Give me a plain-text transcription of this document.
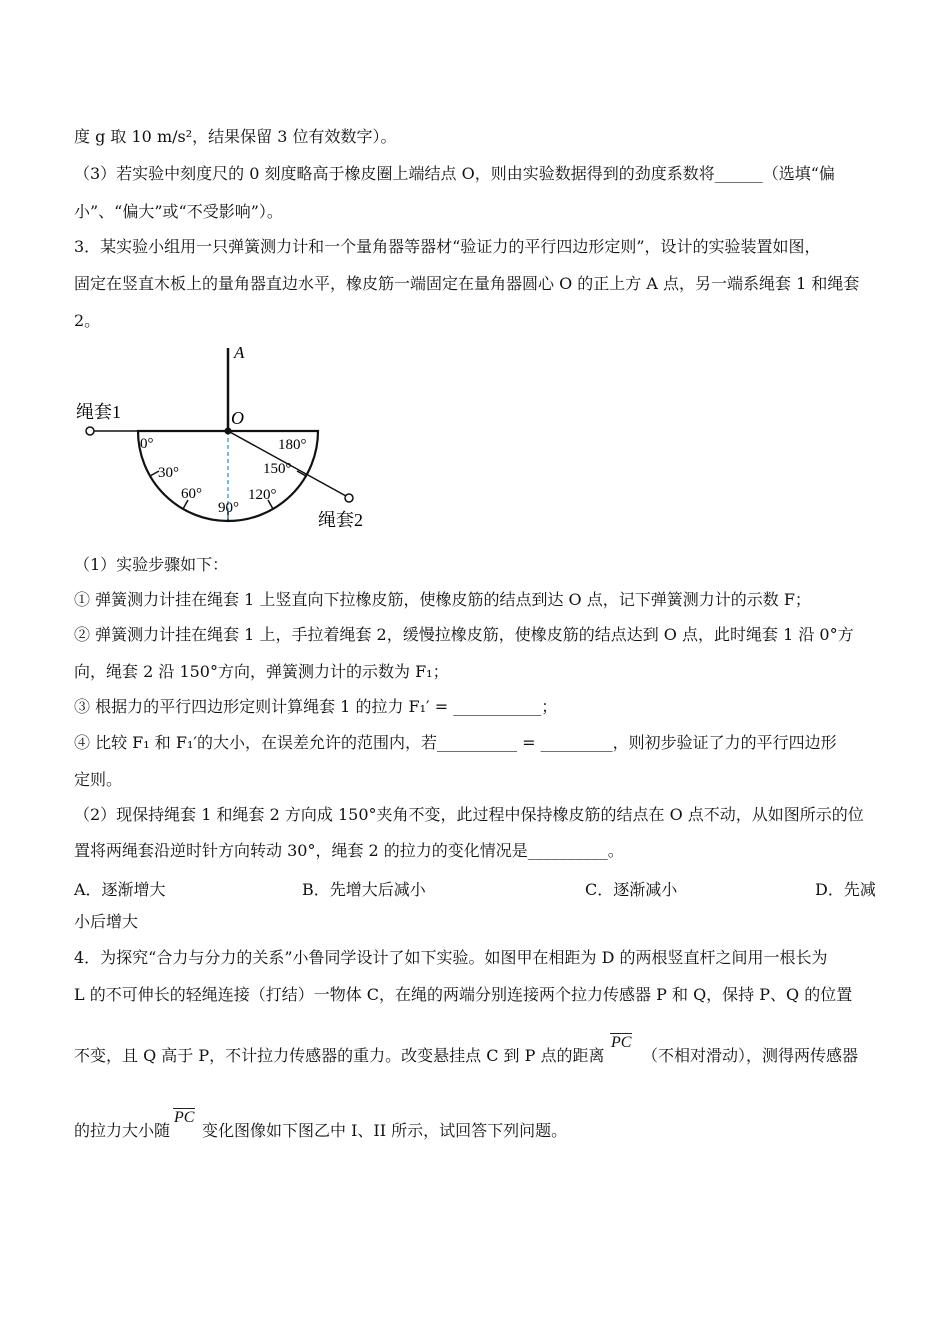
度 g 取 10 m/s²，结果保留 3 位有效数字）。
（3）若实验中刻度尺的 0 刻度略高于橡皮圈上端结点 O，则由实验数据得到的劲度系数将______（选填“偏
小”、“偏大”或“不受影响”）。
3．某实验小组用一只弹簧测力计和一个量角器等器材“验证力的平行四边形定则”，设计的实验装置如图，
固定在竖直木板上的量角器直边水平，橡皮筋一端固定在量角器圆心 O 的正上方 A 点，另一端系绳套 1 和绳套
2。
A
O
绳套1
绳套2
0°
30°
60°
90°
120°
150°
180°
（1）实验步骤如下：
① 弹簧测力计挂在绳套 1 上竖直向下拉橡皮筋，使橡皮筋的结点到达 O 点，记下弹簧测力计的示数 F；
② 弹簧测力计挂在绳套 1 上，手拉着绳套 2，缓慢拉橡皮筋，使橡皮筋的结点达到 O 点，此时绳套 1 沿 0°方
向，绳套 2 沿 150°方向，弹簧测力计的示数为 F₁；
③ 根据力的平行四边形定则计算绳套 1 的拉力 F₁′ = ___________；
④ 比较 F₁ 和 F₁′的大小，在误差允许的范围内，若__________ = _________，则初步验证了力的平行四边形
定则。
（2）现保持绳套 1 和绳套 2 方向成 150°夹角不变，此过程中保持橡皮筋的结点在 O 点不动，从如图所示的位
置将两绳套沿逆时针方向转动 30°，绳套 2 的拉力的变化情况是__________。
A．逐渐增大	B．先增大后减小	C．逐渐减小	D．先减
小后增大
4．为探究“合力与分力的关系”小鲁同学设计了如下实验。如图甲在相距为 D 的两根竖直杆之间用一根长为
L 的不可伸长的轻绳连接（打结）一物体 C，在绳的两端分别连接两个拉力传感器 P 和 Q，保持 P、Q 的位置
不变，且 Q 高于 P，不计拉力传感器的重力。改变悬挂点 C 到 P 点的距离
PC
（不相对滑动），测得两传感器
的拉力大小随
PC
变化图像如下图乙中 I、II 所示，试回答下列问题。
